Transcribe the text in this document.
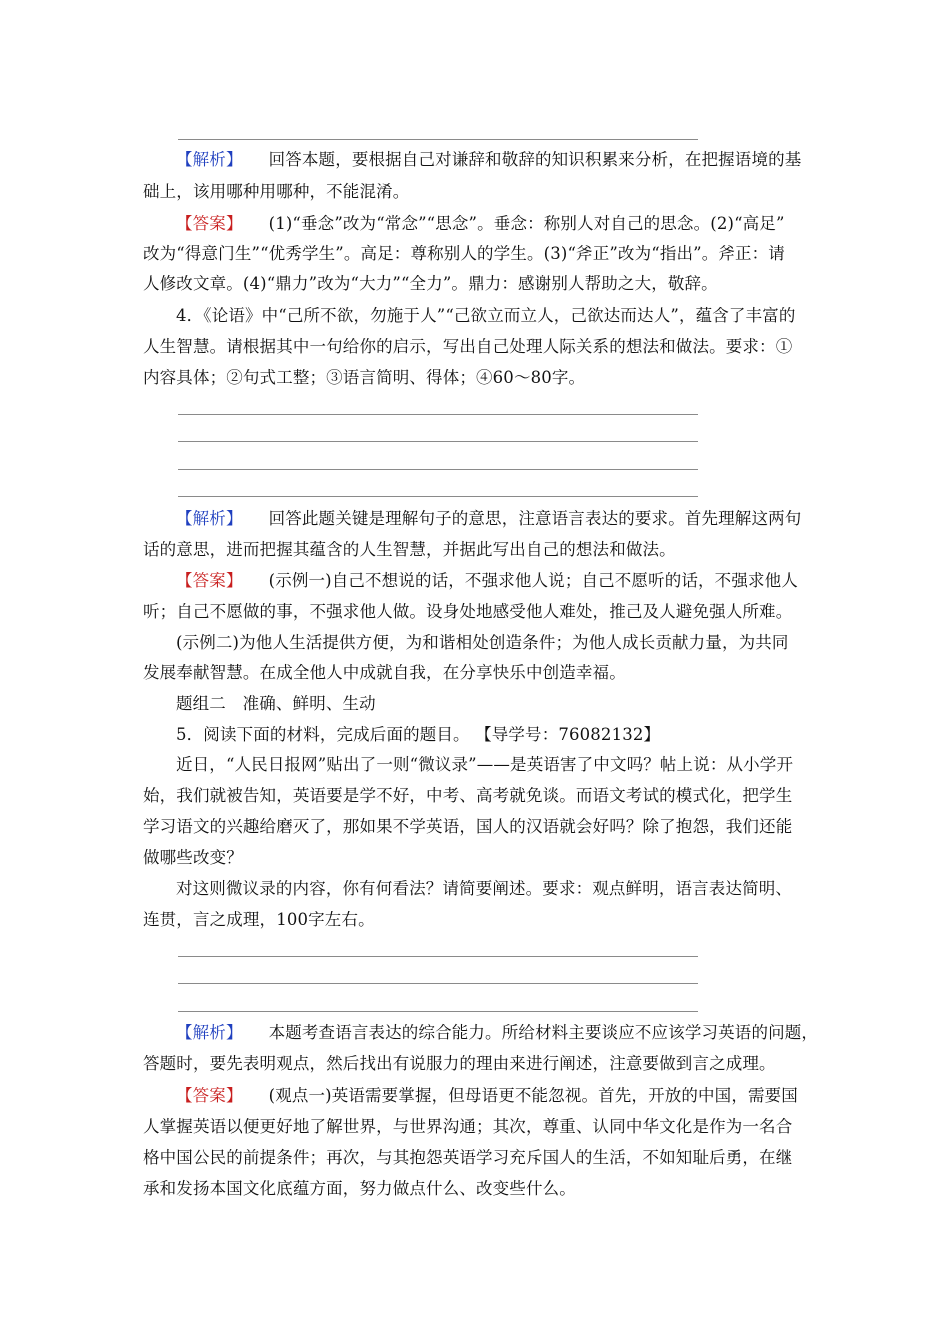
【解析】 回答本题，要根据自己对谦辞和敬辞的知识积累来分析，在把握语境的基
础上，该用哪种用哪种，不能混淆。
【答案】 (1)“垂念”改为“常念”“思念”。垂念：称别人对自己的思念。(2)“高足”
改为“得意门生”“优秀学生”。高足：尊称别人的学生。(3)“斧正”改为“指出”。斧正：请
人修改文章。(4)“鼎力”改为“大力”“全力”。鼎力：感谢别人帮助之大，敬辞。
4．《论语》中“己所不欲，勿施于人”“己欲立而立人，己欲达而达人”，蕴含了丰富的
人生智慧。请根据其中一句给你的启示，写出自己处理人际关系的想法和做法。要求：①
内容具体；②句式工整；③语言简明、得体；④60～80字。
【解析】 回答此题关键是理解句子的意思，注意语言表达的要求。首先理解这两句
话的意思，进而把握其蕴含的人生智慧，并据此写出自己的想法和做法。
【答案】 (示例一)自己不想说的话，不强求他人说；自己不愿听的话，不强求他人
听；自己不愿做的事，不强求他人做。设身处地感受他人难处，推己及人避免强人所难。
(示例二)为他人生活提供方便，为和谐相处创造条件；为他人成长贡献力量，为共同
发展奉献智慧。在成全他人中成就自我，在分享快乐中创造幸福。
题组二　准确、鲜明、生动
5．阅读下面的材料，完成后面的题目。 【导学号：76082132】
近日，“人民日报网”贴出了一则“微议录”——是英语害了中文吗？帖上说：从小学开
始，我们就被告知，英语要是学不好，中考、高考就免谈。而语文考试的模式化，把学生
学习语文的兴趣给磨灭了，那如果不学英语，国人的汉语就会好吗？除了抱怨，我们还能
做哪些改变？
对这则微议录的内容，你有何看法？请简要阐述。要求：观点鲜明，语言表达简明、
连贯，言之成理，100字左右。
【解析】 本题考查语言表达的综合能力。所给材料主要谈应不应该学习英语的问题，
答题时，要先表明观点，然后找出有说服力的理由来进行阐述，注意要做到言之成理。
【答案】 (观点一)英语需要掌握，但母语更不能忽视。首先，开放的中国，需要国
人掌握英语以便更好地了解世界，与世界沟通；其次，尊重、认同中华文化是作为一名合
格中国公民的前提条件；再次，与其抱怨英语学习充斥国人的生活，不如知耻后勇，在继
承和发扬本国文化底蕴方面，努力做点什么、改变些什么。
